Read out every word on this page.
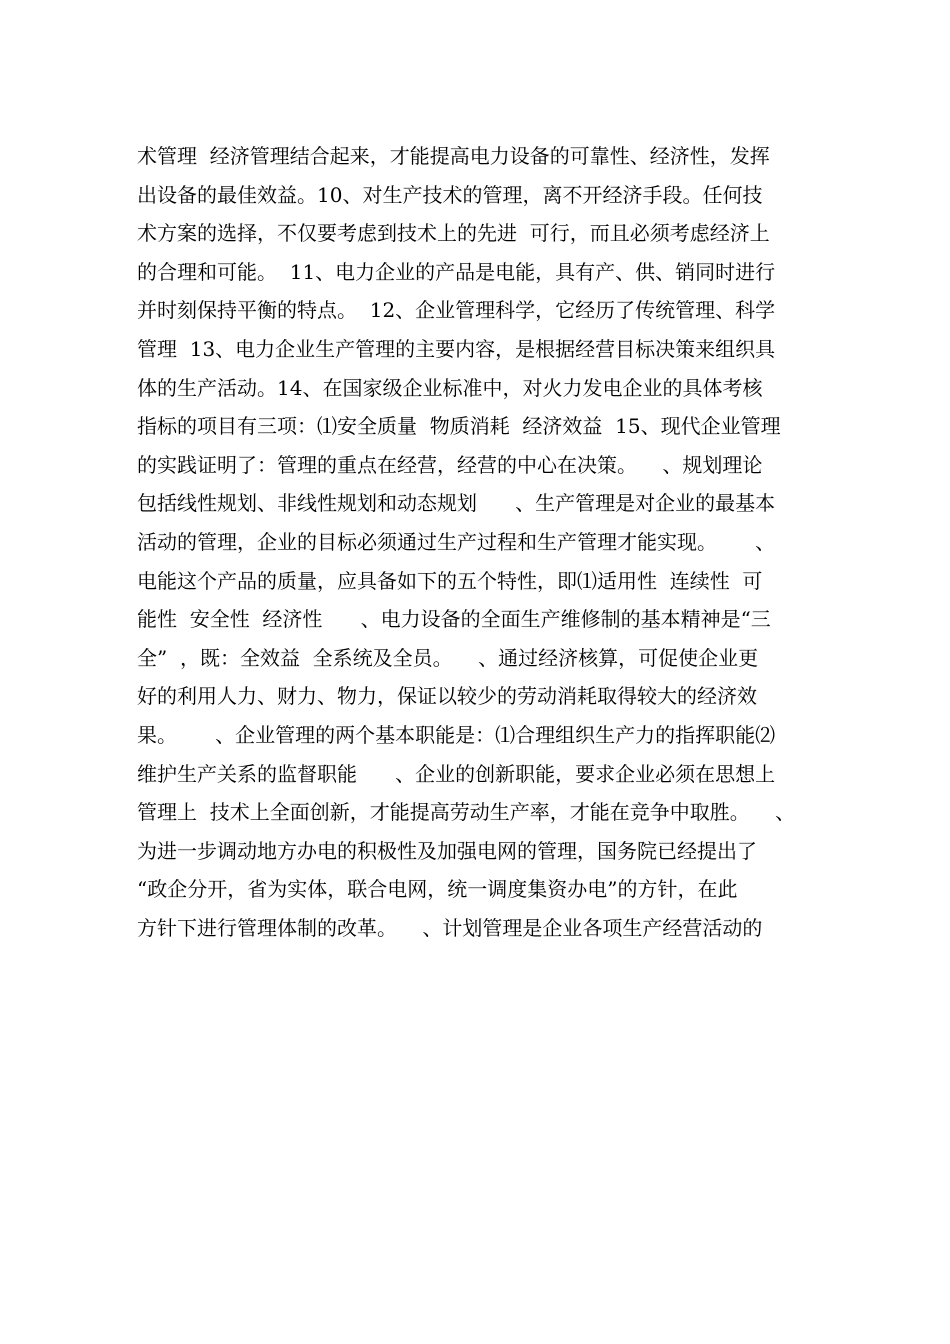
术管理  经济管理结合起来，才能提高电力设备的可靠性、经济性，发挥
出设备的最佳效益。10、对生产技术的管理，离不开经济手段。任何技
术方案的选择，不仅要考虑到技术上的先进  可行，而且必须考虑经济上
的合理和可能。  11、电力企业的产品是电能，具有产、供、销同时进行
并时刻保持平衡的特点。  12、企业管理科学，它经历了传统管理、科学
管理  13、电力企业生产管理的主要内容，是根据经营目标决策来组织具
体的生产活动。14、在国家级企业标准中，对火力发电企业的具体考核
指标的项目有三项：⑴安全质量  物质消耗  经济效益  15、现代企业管理
的实践证明了：管理的重点在经营，经营的中心在决策。    、规划理论
包括线性规划、非线性规划和动态规划      、生产管理是对企业的最基本
活动的管理，企业的目标必须通过生产过程和生产管理才能实现。      、
电能这个产品的质量，应具备如下的五个特性，即⑴适用性  连续性  可
能性  安全性  经济性      、电力设备的全面生产维修制的基本精神是“三
全”  ，既：全效益  全系统及全员。    、通过经济核算，可促使企业更
好的利用人力、财力、物力，保证以较少的劳动消耗取得较大的经济效
果。      、企业管理的两个基本职能是：⑴合理组织生产力的指挥职能⑵
维护生产关系的监督职能      、企业的创新职能，要求企业必须在思想上
管理上  技术上全面创新，才能提高劳动生产率，才能在竞争中取胜。    、
为进一步调动地方办电的积极性及加强电网的管理，国务院已经提出了
“政企分开，省为实体，联合电网，统一调度集资办电”的方针，在此
方针下进行管理体制的改革。    、计划管理是企业各项生产经营活动的
